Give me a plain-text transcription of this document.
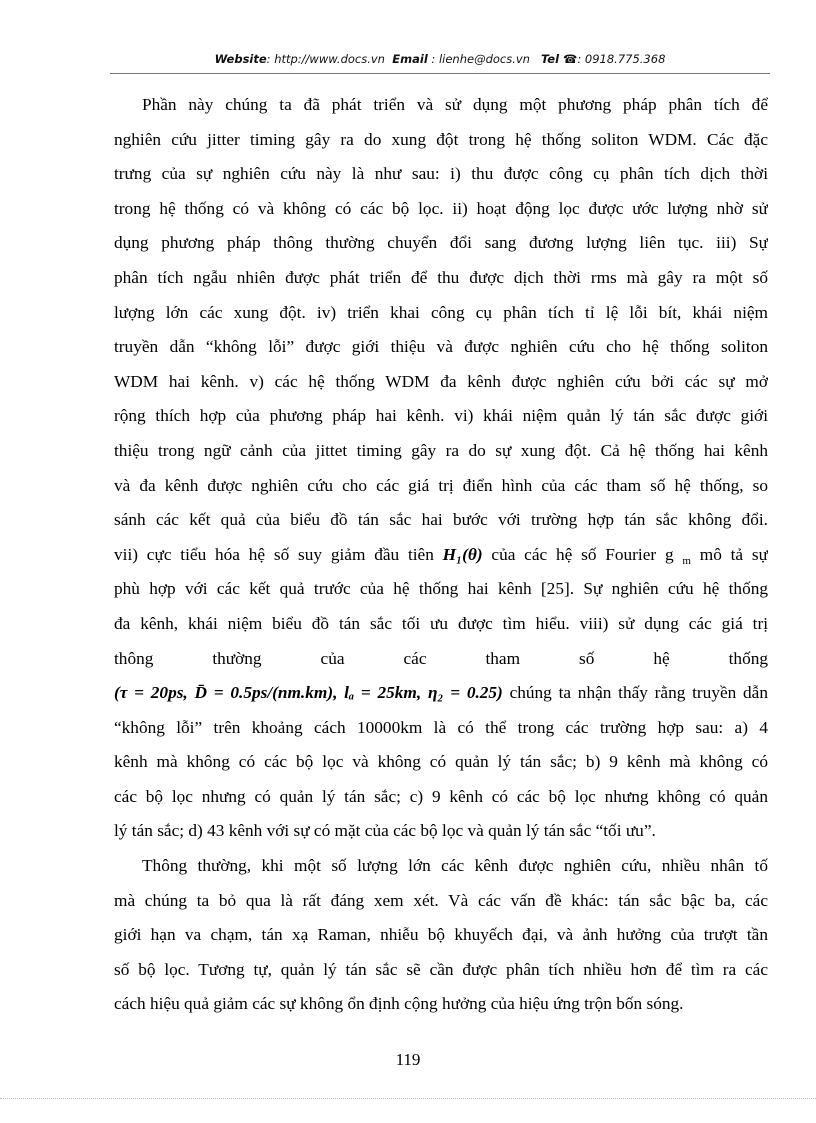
Website: http://www.docs.vn Email : lienhe@docs.vn Tel ☎: 0918.775.368
Phần này chúng ta đã phát triển và sử dụng một phương pháp phân tích để
nghiên cứu jitter timing gây ra do xung đột trong hệ thống soliton WDM. Các đặc
trưng của sự nghiên cứu này là như sau: i) thu được công cụ phân tích dịch thời
trong hệ thống có và không có các bộ lọc. ii) hoạt động lọc được ước lượng nhờ sử
dụng phương pháp thông thường chuyển đổi sang đương lượng liên tục. iii) Sự
phân tích ngẫu nhiên được phát triển để thu được dịch thời rms mà gây ra một số
lượng lớn các xung đột. iv) triển khai công cụ phân tích tỉ lệ lỗi bít, khái niệm
truyền dẫn “không lỗi” được giới thiệu và được nghiên cứu cho hệ thống soliton
WDM hai kênh. v) các hệ thống WDM đa kênh được nghiên cứu bởi các sự mở
rộng thích hợp của phương pháp hai kênh. vi) khái niệm quản lý tán sắc được giới
thiệu trong ngữ cảnh của jittet timing gây ra do sự xung đột. Cả hệ thống hai kênh
và đa kênh được nghiên cứu cho các giá trị điển hình của các tham số hệ thống, so
sánh các kết quả của biểu đồ tán sắc hai bước với trường hợp tán sắc không đổi.
vii) cực tiểu hóa hệ số suy giảm đầu tiên H₁(θ) của các hệ số Fourier g $_m$ mô tả sự
phù hợp với các kết quả trước của hệ thống hai kênh [25]. Sự nghiên cứu hệ thống
đa kênh, khái niệm biểu đồ tán sắc tối ưu được tìm hiểu. viii) sử dụng các giá trị
thông thường của các tham số hệ thống
(τ = 20ps, D̄ = 0.5ps/(nm.km), lₐ = 25km, η₂ = 0.25) chúng ta nhận thấy rằng truyền dẫn
“không lỗi” trên khoảng cách 10000km là có thể trong các trường hợp sau: a) 4
kênh mà không có các bộ lọc và không có quản lý tán sắc; b) 9 kênh mà không có
các bộ lọc nhưng có quản lý tán sắc; c) 9 kênh có các bộ lọc nhưng không có quản
lý tán sắc; d) 43 kênh với sự có mặt của các bộ lọc và quản lý tán sắc “tối ưu”.
Thông thường, khi một số lượng lớn các kênh được nghiên cứu, nhiều nhân tố
mà chúng ta bỏ qua là rất đáng xem xét. Và các vấn đề khác: tán sắc bậc ba, các
giới hạn va chạm, tán xạ Raman, nhiễu bộ khuyếch đại, và ảnh hưởng của trượt tần
số bộ lọc. Tương tự, quản lý tán sắc sẽ cần được phân tích nhiều hơn để tìm ra các
cách hiệu quả giảm các sự không ổn định cộng hưởng của hiệu ứng trộn bốn sóng.
119
